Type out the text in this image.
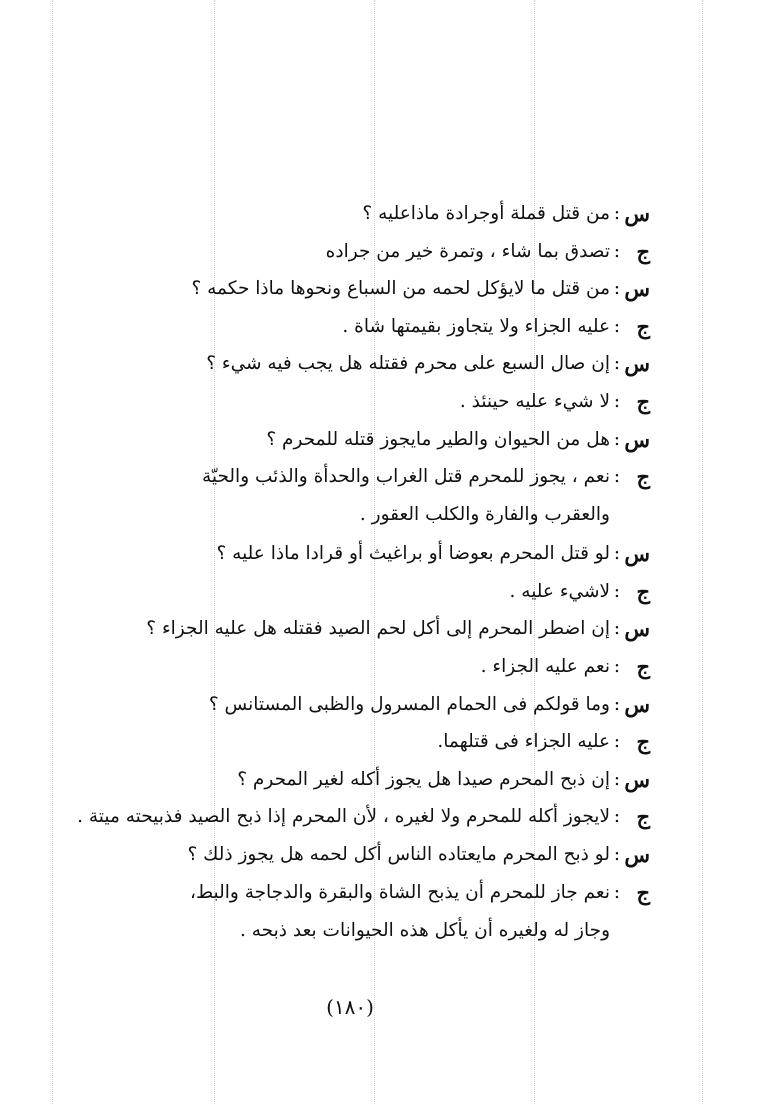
س
:
من قتل قملة أوجرادة ماذاعليه ؟
ج
:
تصدق بما شاء ، وتمرة خير من جراده
س
:
من قتل ما لايؤكل لحمه من السباع ونحوها ماذا حكمه ؟
ج
:
عليه الجزاء ولا يتجاوز بقيمتها شاة .
س
:
إن صال السبع على محرم فقتله هل يجب فيه شيء ؟
ج
:
لا شيء عليه حينئذ .
س
:
هل من الحيوان والطير مايجوز قتله للمحرم ؟
ج
:
نعم ، يجوز للمحرم قتل الغراب والحدأة والذئب والحيّة والعقرب والفارة والكلب العقور .
س
:
لو قتل المحرم بعوضا أو براغيث أو قرادا ماذا عليه ؟
ج
:
لاشيء عليه .
س
:
إن اضطر المحرم إلى أكل لحم الصيد فقتله هل عليه الجزاء ؟
ج
:
نعم عليه الجزاء .
س
:
وما قولكم فى الحمام المسرول والظبى المستانس ؟
ج
:
عليه الجزاء فى قتلهما.
س
:
إن ذبح المحرم صيدا هل يجوز أكله لغير المحرم ؟
ج
:
لايجوز أكله للمحرم ولا لغيره ، لأن المحرم إذا ذبح الصيد فذبيحته ميتة .
س
:
لو ذبح المحرم مايعتاده الناس أكل لحمه هل يجوز ذلك ؟
ج
:
نعم جاز للمحرم أن يذبح الشاة والبقرة والدجاجة والبط، وجاز له ولغيره أن يأكل هذه الحيوانات بعد ذبحه .
(١٨٠)
